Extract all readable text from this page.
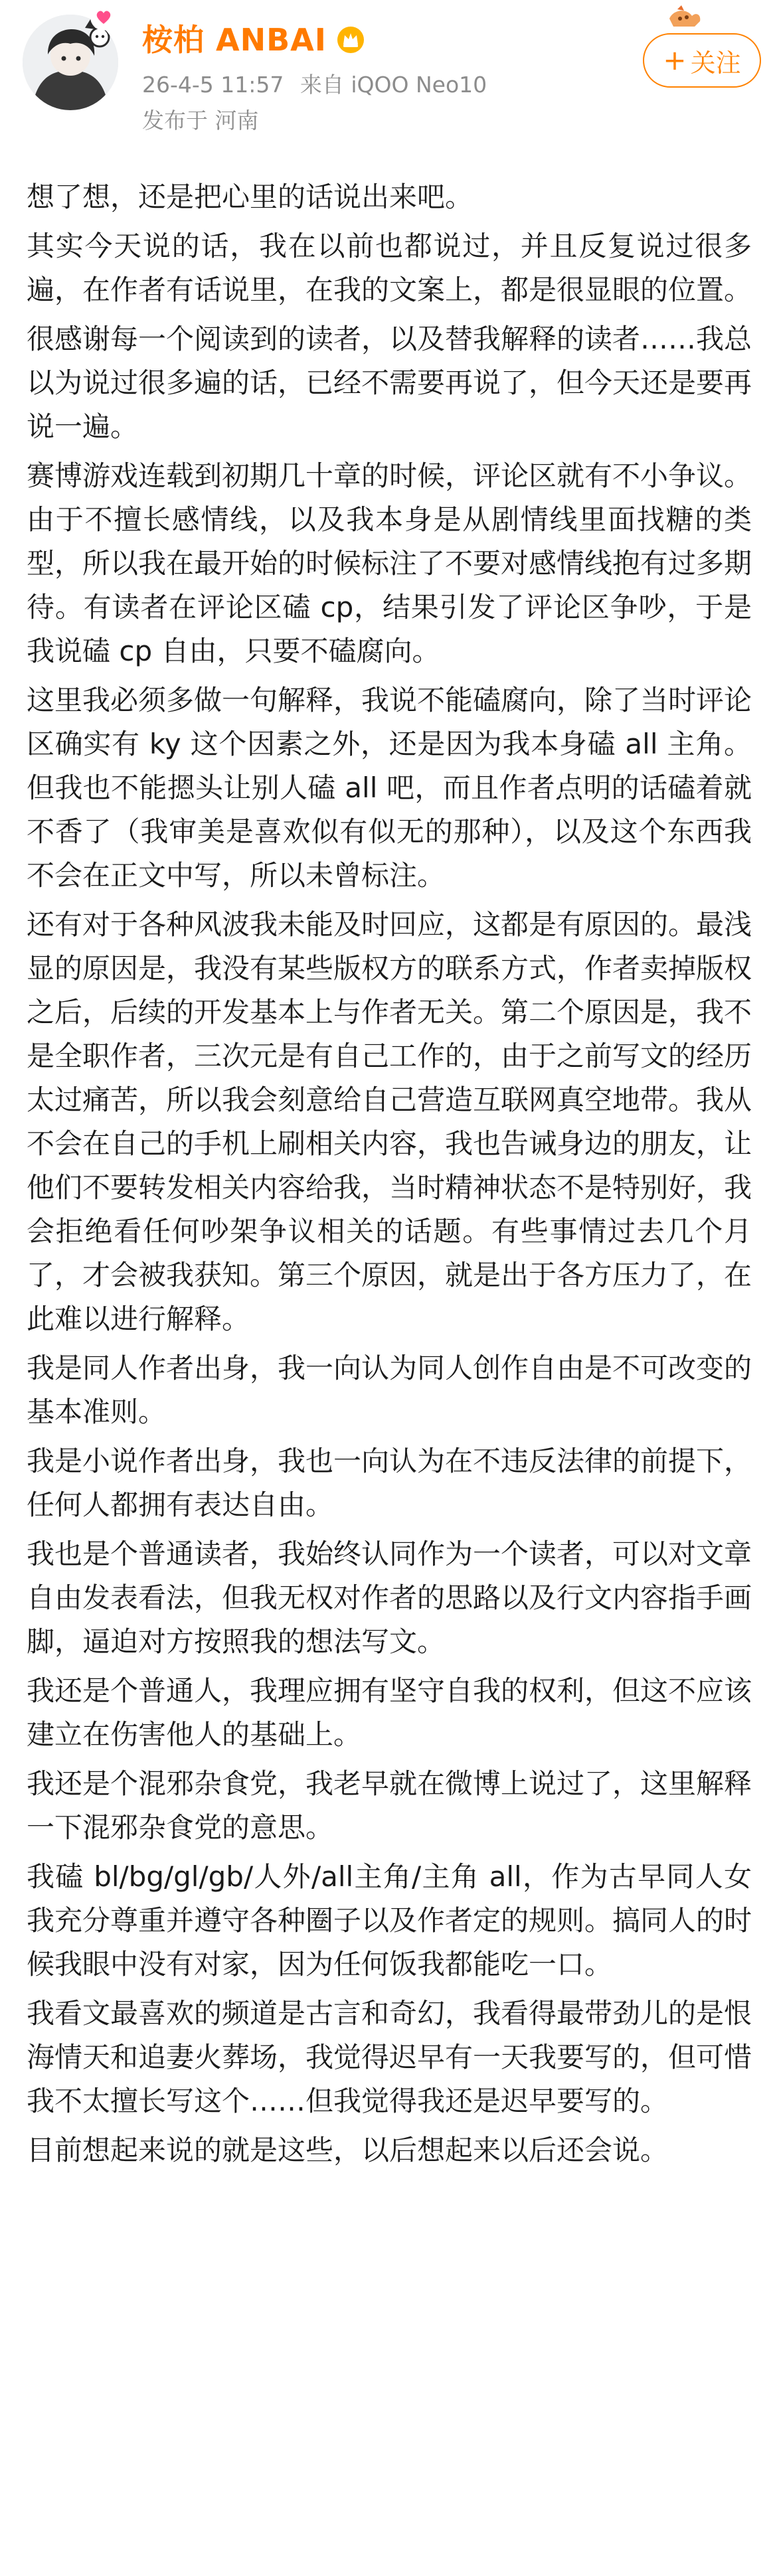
桉柏 ANBAI
26-4-5 11:57 来自 iQOO Neo10
发布于 河南
+ 关注

想了想，还是把心里的话说出来吧。

其实今天说的话，我在以前也都说过，并且反复说过很多遍，在作者有话说里，在我的文案上，都是很显眼的位置。

很感谢每一个阅读到的读者，以及替我解释的读者……我总以为说过很多遍的话，已经不需要再说了，但今天还是要再说一遍。

赛博游戏连载到初期几十章的时候，评论区就有不小争议。由于不擅长感情线，以及我本身是从剧情线里面找糖的类型，所以我在最开始的时候标注了不要对感情线抱有过多期待。有读者在评论区磕 cp，结果引发了评论区争吵，于是我说磕 cp 自由，只要不磕腐向。

这里我必须多做一句解释，我说不能磕腐向，除了当时评论区确实有 ky 这个因素之外，还是因为我本身磕 all 主角。但我也不能摁头让别人磕 all 吧，而且作者点明的话磕着就不香了（我审美是喜欢似有似无的那种），以及这个东西我不会在正文中写，所以未曾标注。

还有对于各种风波我未能及时回应，这都是有原因的。最浅显的原因是，我没有某些版权方的联系方式，作者卖掉版权之后，后续的开发基本上与作者无关。第二个原因是，我不是全职作者，三次元是有自己工作的，由于之前写文的经历太过痛苦，所以我会刻意给自己营造互联网真空地带。我从不会在自己的手机上刷相关内容，我也告诫身边的朋友，让他们不要转发相关内容给我，当时精神状态不是特别好，我会拒绝看任何吵架争议相关的话题。有些事情过去几个月了，才会被我获知。第三个原因，就是出于各方压力了，在此难以进行解释。

我是同人作者出身，我一向认为同人创作自由是不可改变的基本准则。

我是小说作者出身，我也一向认为在不违反法律的前提下，任何人都拥有表达自由。

我也是个普通读者，我始终认同作为一个读者，可以对文章自由发表看法，但我无权对作者的思路以及行文内容指手画脚，逼迫对方按照我的想法写文。

我还是个普通人，我理应拥有坚守自我的权利，但这不应该建立在伤害他人的基础上。

我还是个混邪杂食党，我老早就在微博上说过了，这里解释一下混邪杂食党的意思。

我磕 bl/bg/gl/gb/人外/all主角/主角 all，作为古早同人女我充分尊重并遵守各种圈子以及作者定的规则。搞同人的时候我眼中没有对家，因为任何饭我都能吃一口。

我看文最喜欢的频道是古言和奇幻，我看得最带劲儿的是恨海情天和追妻火葬场，我觉得迟早有一天我要写的，但可惜我不太擅长写这个……但我觉得我还是迟早要写的。

目前想起来说的就是这些，以后想起来以后还会说。
